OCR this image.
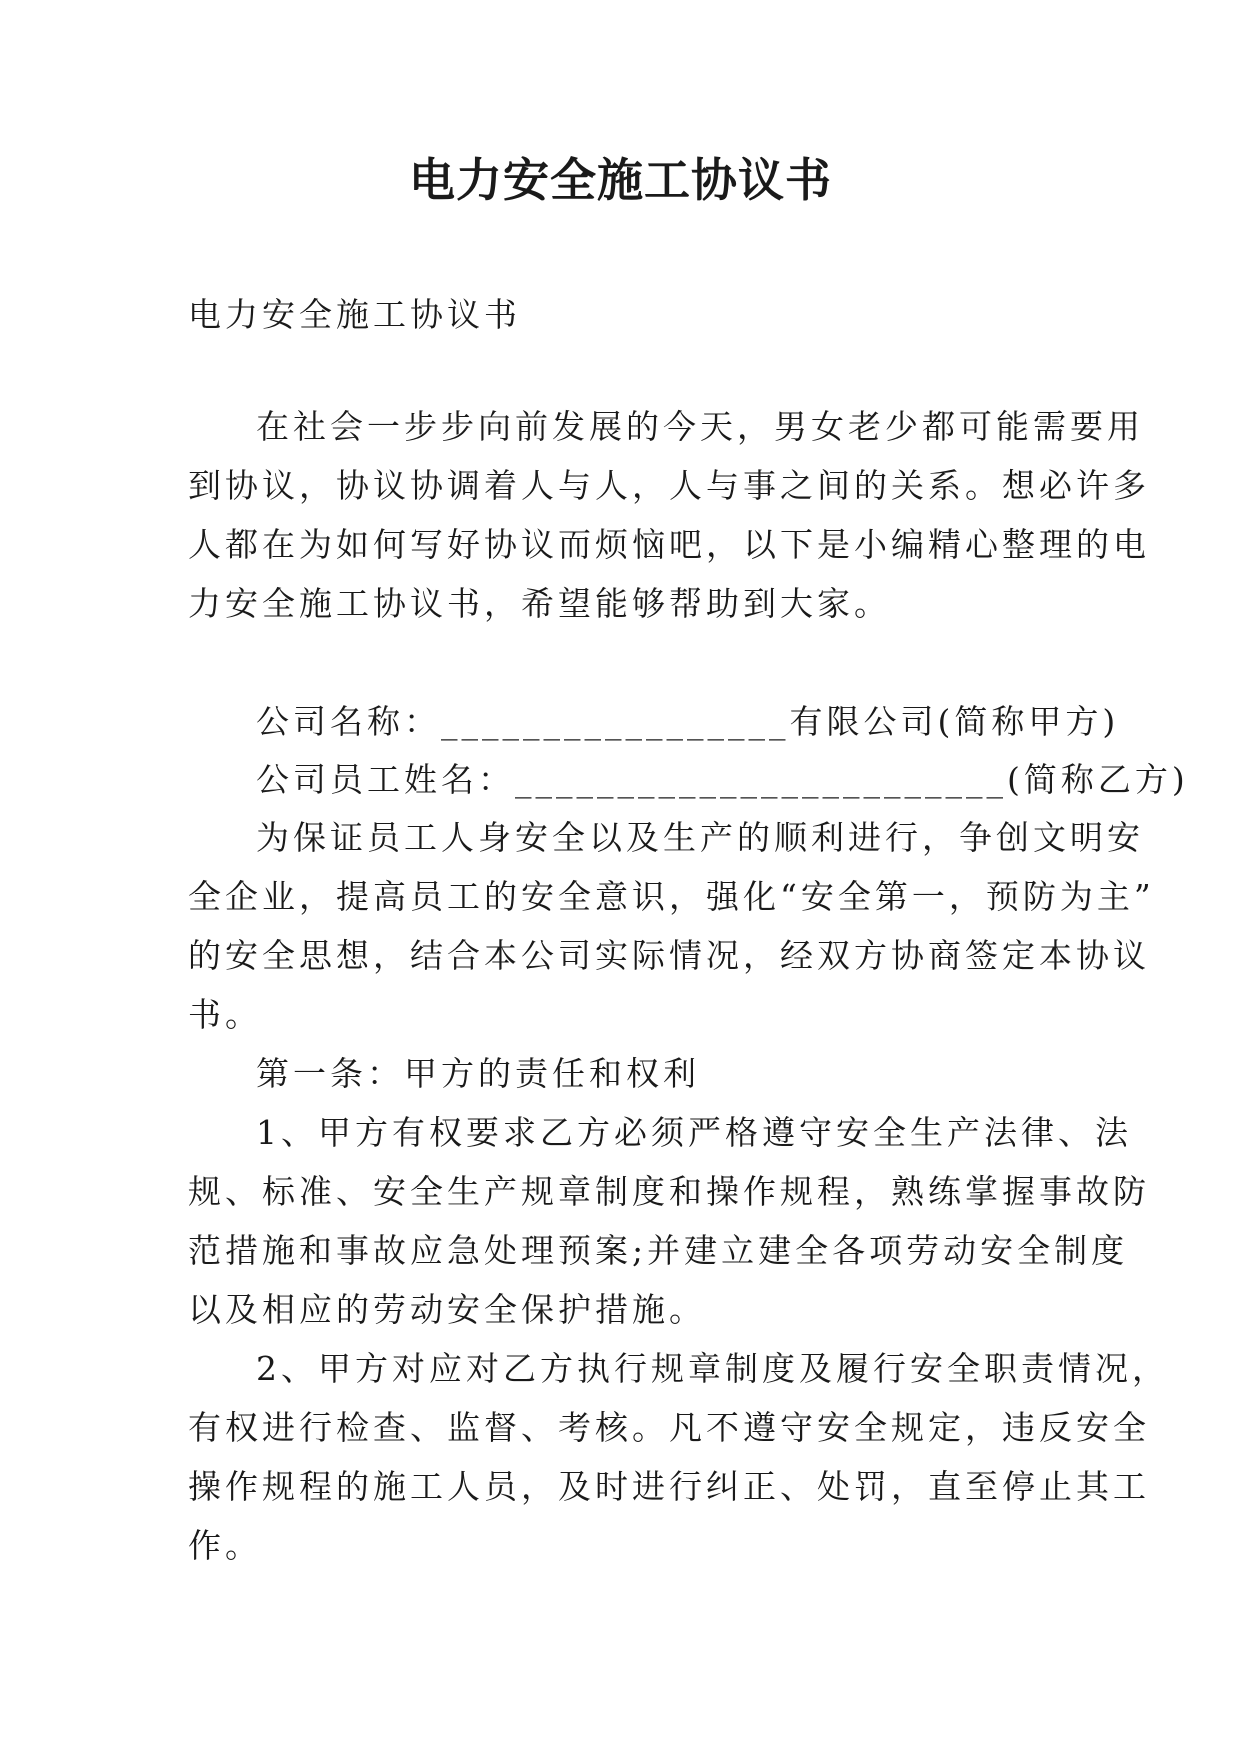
电力安全施工协议书
电力安全施工协议书
在社会一步步向前发展的今天，男女老少都可能需要用
到协议，协议协调着人与人，人与事之间的关系。想必许多
人都在为如何写好协议而烦恼吧，以下是小编精心整理的电
力安全施工协议书，希望能够帮助到大家。
公司名称：_________________有限公司(简称甲方)
公司员工姓名：________________________(简称乙方)
为保证员工人身安全以及生产的顺利进行，争创文明安
全企业，提高员工的安全意识，强化“安全第一，预防为主”
的安全思想，结合本公司实际情况，经双方协商签定本协议
书。
第一条：甲方的责任和权利
1、甲方有权要求乙方必须严格遵守安全生产法律、法
规、标准、安全生产规章制度和操作规程，熟练掌握事故防
范措施和事故应急处理预案;并建立建全各项劳动安全制度
以及相应的劳动安全保护措施。
2、甲方对应对乙方执行规章制度及履行安全职责情况，
有权进行检查、监督、考核。凡不遵守安全规定，违反安全
操作规程的施工人员，及时进行纠正、处罚，直至停止其工
作。
